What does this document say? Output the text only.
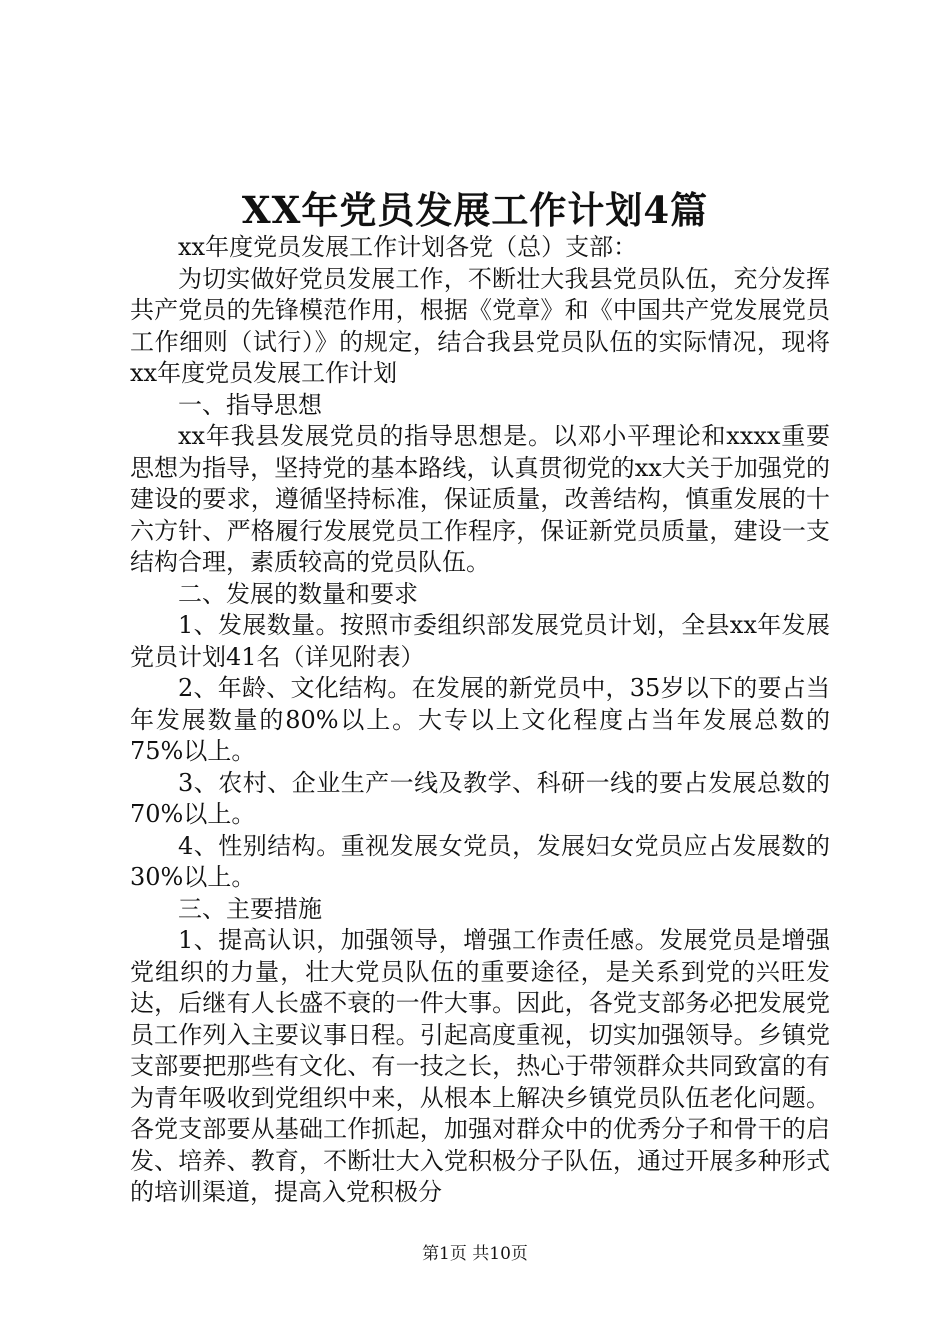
XX年党员发展工作计划4篇

xx年度党员发展工作计划各党（总）支部：

为切实做好党员发展工作，不断壮大我县党员队伍，充分发挥共产党员的先锋模范作用，根据《党章》和《中国共产党发展党员工作细则（试行）》的规定，结合我县党员队伍的实际情况，现将xx年度党员发展工作计划

一、指导思想

xx年我县发展党员的指导思想是。以邓小平理论和xxxx重要思想为指导，坚持党的基本路线，认真贯彻党的xx大关于加强党的建设的要求，遵循坚持标准，保证质量，改善结构，慎重发展的十六方针、严格履行发展党员工作程序，保证新党员质量，建设一支结构合理，素质较高的党员队伍。

二、发展的数量和要求

1、发展数量。按照市委组织部发展党员计划，全县xx年发展党员计划41名（详见附表）

2、年龄、文化结构。在发展的新党员中，35岁以下的要占当年发展数量的80%以上。大专以上文化程度占当年发展总数的75%以上。

3、农村、企业生产一线及教学、科研一线的要占发展总数的70%以上。

4、性别结构。重视发展女党员，发展妇女党员应占发展数的30%以上。

三、主要措施

1、提高认识，加强领导，增强工作责任感。发展党员是增强党组织的力量，壮大党员队伍的重要途径，是关系到党的兴旺发达，后继有人长盛不衰的一件大事。因此，各党支部务必把发展党员工作列入主要议事日程。引起高度重视，切实加强领导。乡镇党支部要把那些有文化、有一技之长，热心于带领群众共同致富的有为青年吸收到党组织中来，从根本上解决乡镇党员队伍老化问题。各党支部要从基础工作抓起，加强对群众中的优秀分子和骨干的启发、培养、教育，不断壮大入党积极分子队伍，通过开展多种形式的培训渠道，提高入党积极分

第1页 共10页
